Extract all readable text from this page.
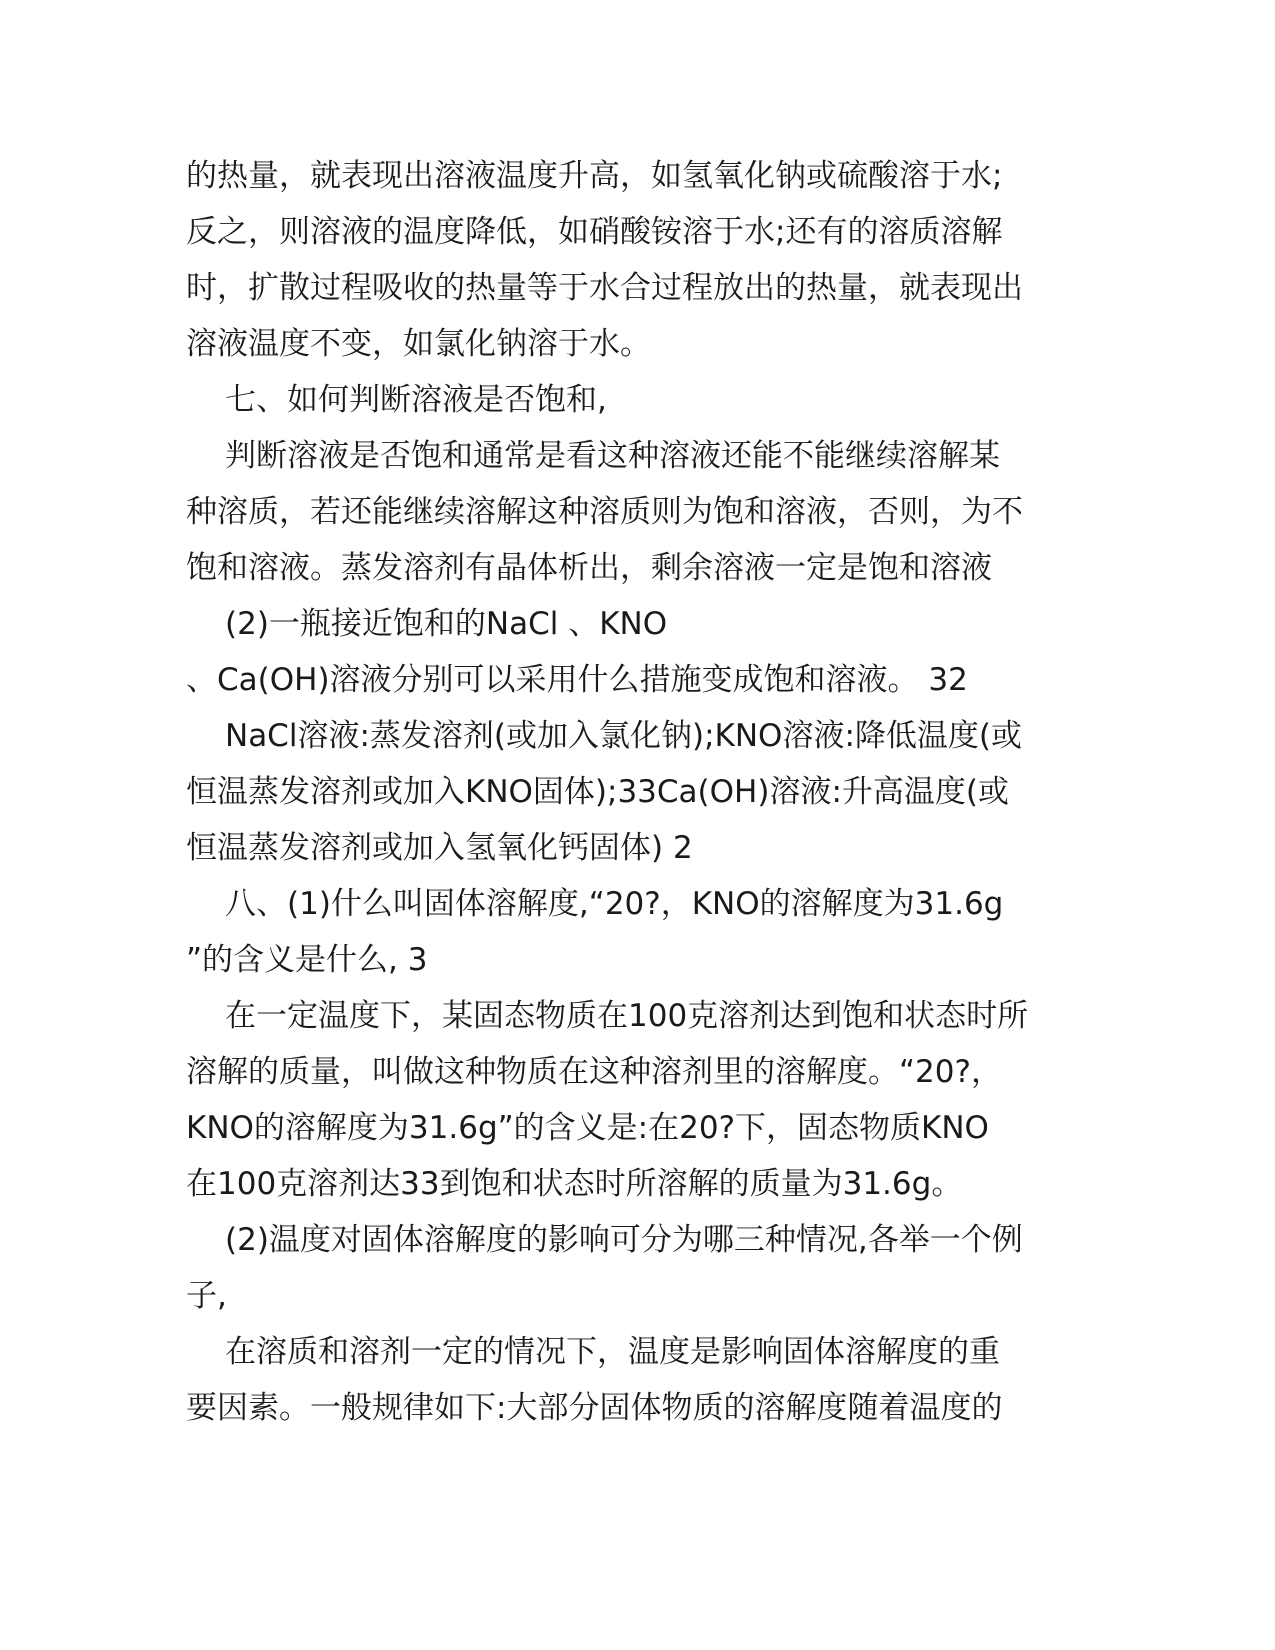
的热量，就表现出溶液温度升高，如氢氧化钠或硫酸溶于水;
反之，则溶液的温度降低，如硝酸铵溶于水;还有的溶质溶解
时，扩散过程吸收的热量等于水合过程放出的热量，就表现出
溶液温度不变，如氯化钠溶于水。
七、如何判断溶液是否饱和,
判断溶液是否饱和通常是看这种溶液还能不能继续溶解某
种溶质，若还能继续溶解这种溶质则为饱和溶液，否则，为不
饱和溶液。蒸发溶剂有晶体析出，剩余溶液一定是饱和溶液
(2)一瓶接近饱和的NaCl 、KNO
、Ca(OH)溶液分别可以采用什么措施变成饱和溶液。 32
NaCl溶液:蒸发溶剂(或加入氯化钠);KNO溶液:降低温度(或
恒温蒸发溶剂或加入KNO固体);33Ca(OH)溶液:升高温度(或
恒温蒸发溶剂或加入氢氧化钙固体) 2
八、(1)什么叫固体溶解度,“20?，KNO的溶解度为31.6g
”的含义是什么, 3
在一定温度下，某固态物质在100克溶剂达到饱和状态时所
溶解的质量，叫做这种物质在这种溶剂里的溶解度。“20?，
KNO的溶解度为31.6g”的含义是:在20?下，固态物质KNO
在100克溶剂达33到饱和状态时所溶解的质量为31.6g。
(2)温度对固体溶解度的影响可分为哪三种情况,各举一个例
子,
在溶质和溶剂一定的情况下，温度是影响固体溶解度的重
要因素。一般规律如下:大部分固体物质的溶解度随着温度的
